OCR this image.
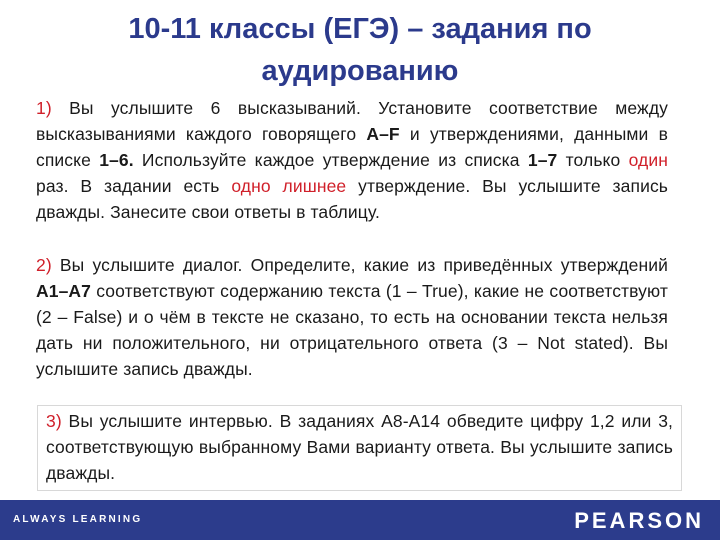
10-11 классы (ЕГЭ) – задания по аудированию
1) Вы услышите 6 высказываний. Установите соответствие между высказываниями каждого говорящего A–F и утверждениями, данными в списке 1–6. Используйте каждое утверждение из списка 1–7 только один раз. В задании есть одно лишнее утверждение. Вы услышите запись дважды. Занесите свои ответы в таблицу.
2) Вы услышите диалог. Определите, какие из приведённых утверждений А1–А7 соответствуют содержанию текста (1 – True), какие не соответствуют (2 – False) и о чём в тексте не сказано, то есть на основании текста нельзя дать ни положительного, ни отрицательного ответа (3 – Not stated). Вы услышите запись дважды.
3) Вы услышите интервью. В заданиях А8-А14 обведите цифру 1,2 или 3, соответствующую выбранному Вами варианту ответа. Вы услышите запись дважды.
ALWAYS LEARNING	PEARSON
